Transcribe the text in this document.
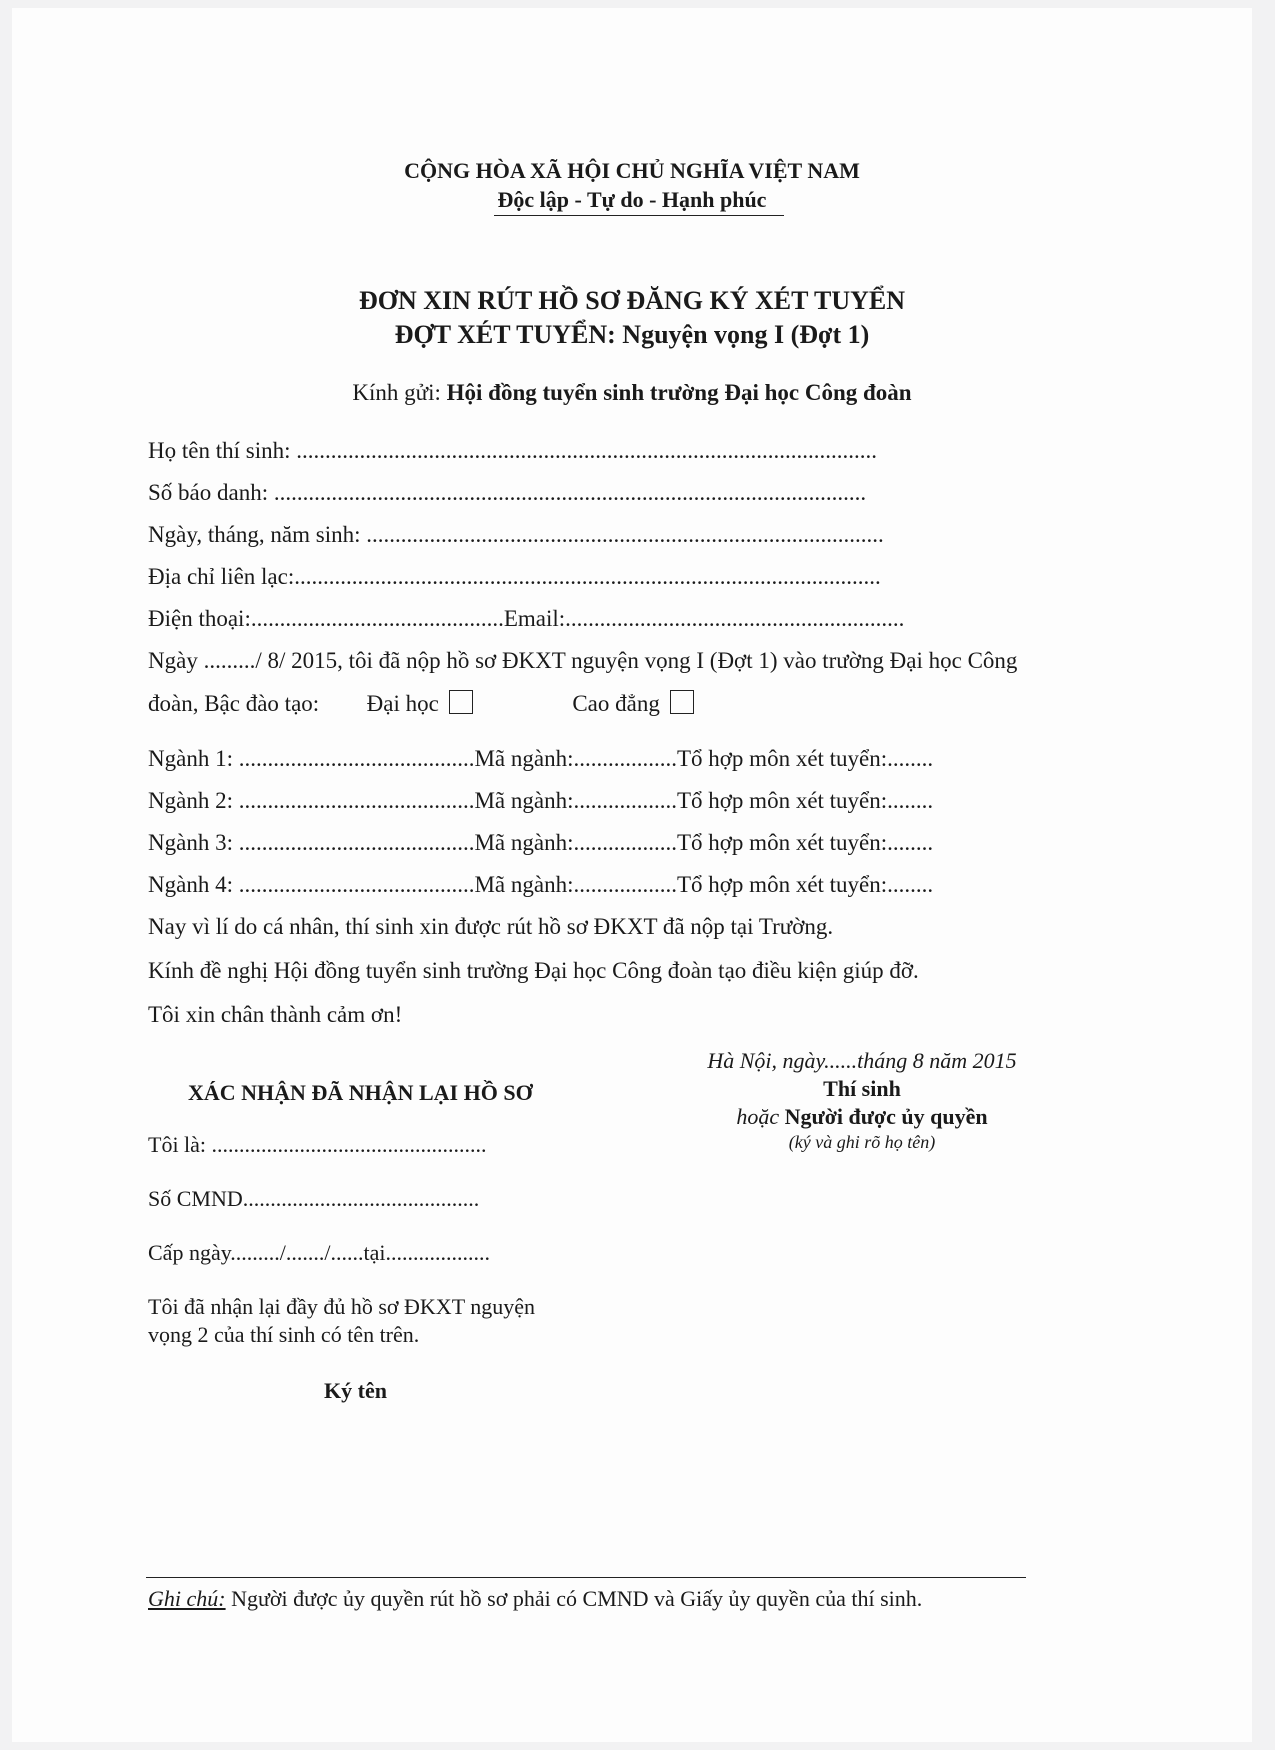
CỘNG HÒA XÃ HỘI CHỦ NGHĨA VIỆT NAM
Độc lập - Tự do - Hạnh phúc
ĐƠN XIN RÚT HỒ SƠ ĐĂNG KÝ XÉT TUYỂN
ĐỢT XÉT TUYỂN: Nguyện vọng I (Đợt 1)
Kính gửi: Hội đồng tuyển sinh trường Đại học Công đoàn
Họ tên thí sinh: .....................................................................................................
Số báo danh: .......................................................................................................
Ngày, tháng, năm sinh: ..........................................................................................
Địa chỉ liên lạc:......................................................................................................
Điện thoại:............................................Email:...........................................................
Ngày ........./ 8/ 2015, tôi đã nộp hồ sơ ĐKXT nguyện vọng I (Đợt 1) vào trường Đại học Công
đoàn, Bậc đào tạo: Đại học	Cao đẳng
Ngành 1: .........................................Mã ngành:..................Tổ hợp môn xét tuyển:........
Ngành 2: .........................................Mã ngành:..................Tổ hợp môn xét tuyển:........
Ngành 3: .........................................Mã ngành:..................Tổ hợp môn xét tuyển:........
Ngành 4: .........................................Mã ngành:..................Tổ hợp môn xét tuyển:........
Nay vì lí do cá nhân, thí sinh xin được rút hồ sơ ĐKXT đã nộp tại Trường.
Kính đề nghị Hội đồng tuyển sinh trường Đại học Công đoàn tạo điều kiện giúp đỡ.
Tôi xin chân thành cảm ơn!
Hà Nội, ngày......tháng 8 năm 2015
Thí sinh
hoặc Người được ủy quyền
(ký và ghi rõ họ tên)
XÁC NHẬN ĐÃ NHẬN LẠI HỒ SƠ
Tôi là: ..................................................
Số CMND...........................................
Cấp ngày........./......./......tại...................
Tôi đã nhận lại đầy đủ hồ sơ ĐKXT nguyện
vọng 2 của thí sinh có tên trên.
Ký tên
Ghi chú: Người được ủy quyền rút hồ sơ phải có CMND và Giấy ủy quyền của thí sinh.
